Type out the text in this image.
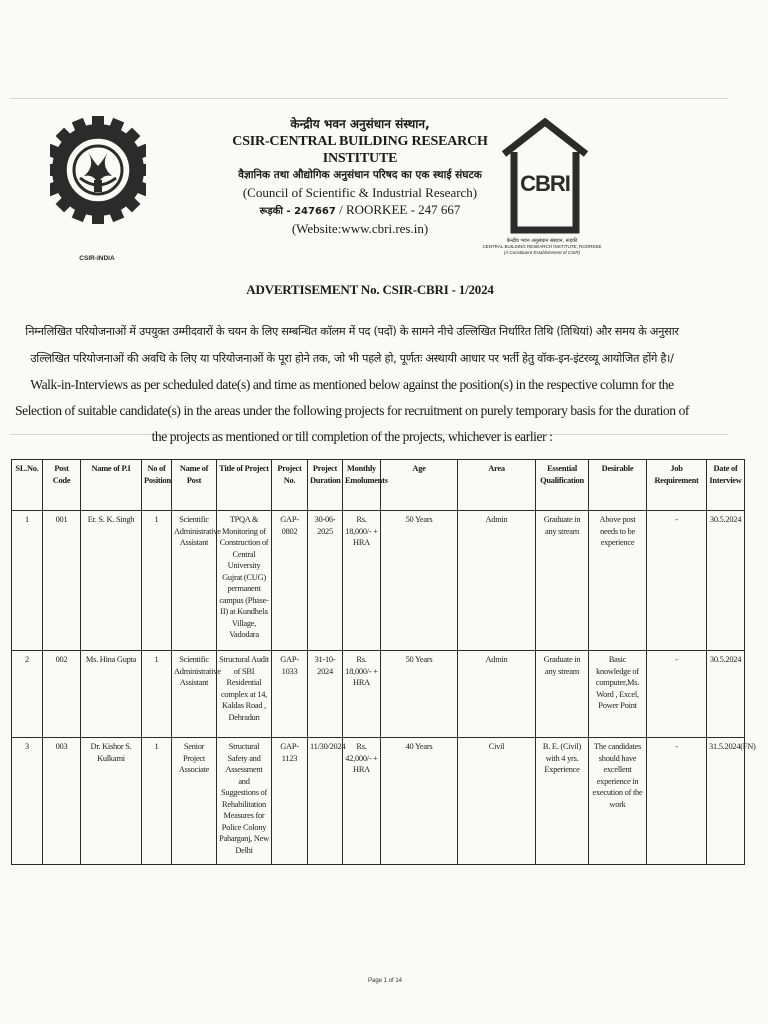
CSIR-INDIA
केन्द्रीय भवन अनुसंधान संस्थान,
CSIR-CENTRAL BUILDING RESEARCH INSTITUTE
वैज्ञानिक तथा औद्योगिक अनुसंधान परिषद का एक स्थाई संघटक
(Council of Scientific & Industrial Research)
रूड़की - 247667 / ROORKEE - 247 667
(Website:www.cbri.res.in)
CBRI
केन्द्रीय भवन अनुसंधान संस्थान, रूड़की
CENTRAL BUILDING RESEARCH INSTITUTE, ROORKEE
(A Constituent Establishment of CSIR)
ADVERTISEMENT No. CSIR-CBRI - 1/2024
निम्नलिखित परियोजनाओं में उपयुक्त उम्मीदवारों के चयन के लिए सम्बन्धित कॉलम में पद (पदों) के सामने नीचे उल्लिखित निर्धारित तिथि (तिथियां) और समय के अनुसार उल्लिखित परियोजनाओं की अवधि के लिए या परियोजनाओं के पूरा होने तक, जो भी पहले हो, पूर्णतः अस्थायी आधार पर भर्ती हेतु वॉक-इन-इंटरव्यू आयोजित होंगे है।/ Walk-in-Interviews as per scheduled date(s) and time as mentioned below against the position(s) in the respective column for the Selection of suitable candidate(s) in the areas under the following projects for recruitment on purely temporary basis for the duration of the projects as mentioned or till completion of the projects, whichever is earlier :
SL.No.	Post Code	Name of P.I	No of Position	Name of Post	Title of Project	Project No.	Project Duration	Monthly Emoluments	Age	Area	Essential Qualification	Desirable	Job Requirement	Date of Interview
1	001	Er. S. K. Singh	1	Scientific Administrative Assistant	TPQA & Monitoring of Construction of Central University Gujrat (CUG) permanent campus (Phase-II) at Kundhela Village, Vadodara	GAP-0802	30-06-2025	Rs. 18,000/- + HRA	50 Years	Admin	Graduate in any stream	Above post needs to be experience	-	30.5.2024
2	002	Ms. Hina Gupta	1	Scientific Administrative Assistant	Structural Audit of SBI Residential complex at 14, Kaldas Road , Dehradun	GAP-1033	31-10-2024	Rs. 18,000/- + HRA	50 Years	Admin	Graduate in any stream	Basic knowledge of computer,Ms. Word , Excel, Power Point	-	30.5.2024
3	003	Dr. Kishor S. Kulkarni	1	Senior Project Associate	Structural Safety and Assessment and Suggestions of Rehabilitation Measures for Police Colony Paharganj, New Delhi	GAP-1123	11/30/2024	Rs. 42,000/- + HRA	40 Years	Civil	B. E. (Civil) with 4 yrs. Experience	The candidates should have excellent experience in execution of the work	-	31.5.2024(FN)
Page 1 of 14
